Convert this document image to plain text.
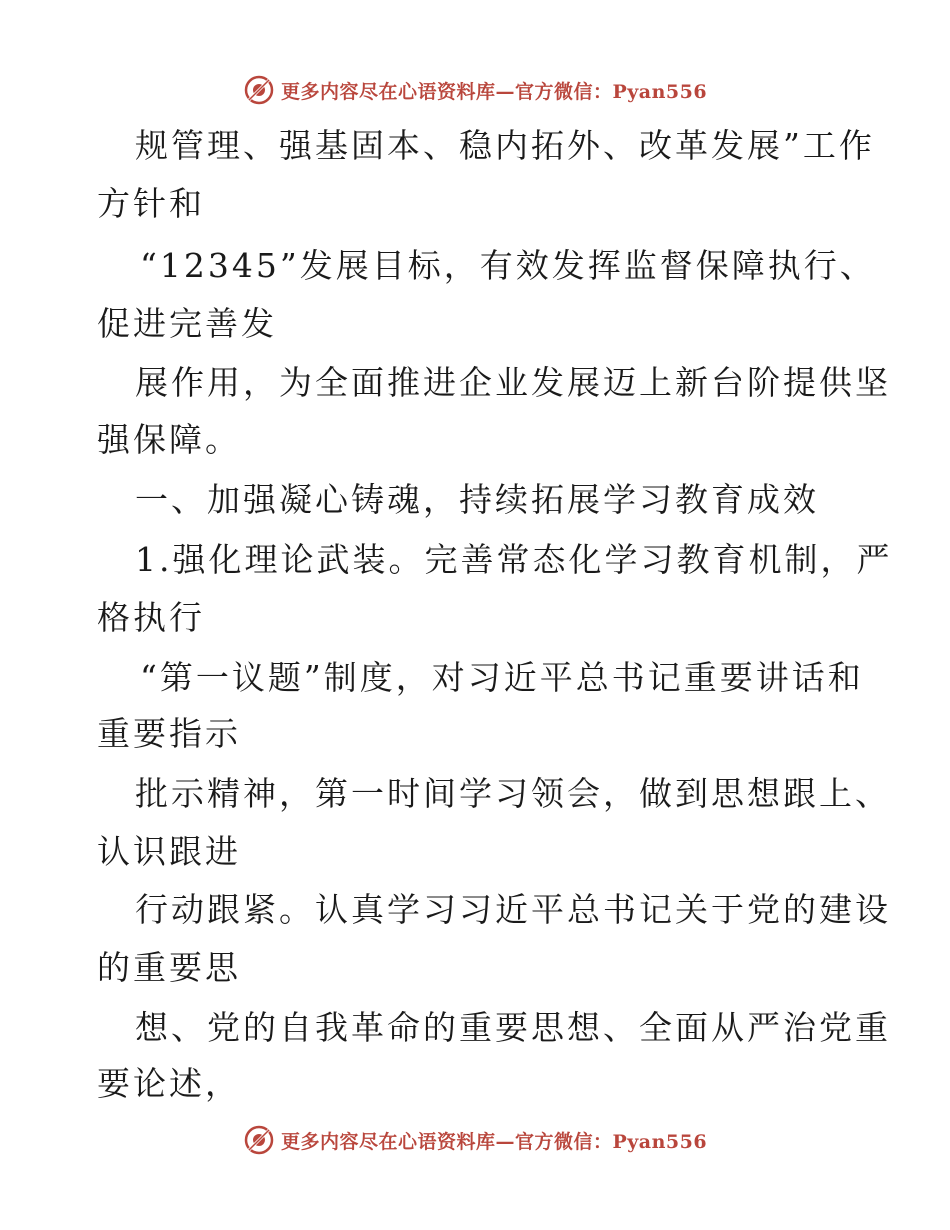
更多内容尽在心语资料库—官方微信：Pyan556
规管理、强基固本、稳内拓外、改革发展”工作
方针和
“12345”发展目标，有效发挥监督保障执行、
促进完善发
展作用，为全面推进企业发展迈上新台阶提供坚
强保障。
一、加强凝心铸魂，持续拓展学习教育成效
1.强化理论武装。完善常态化学习教育机制，严
格执行
“第一议题”制度，对习近平总书记重要讲话和
重要指示
批示精神，第一时间学习领会，做到思想跟上、
认识跟进
行动跟紧。认真学习习近平总书记关于党的建设
的重要思
想、党的自我革命的重要思想、全面从严治党重
要论述，
更多内容尽在心语资料库—官方微信：Pyan556
